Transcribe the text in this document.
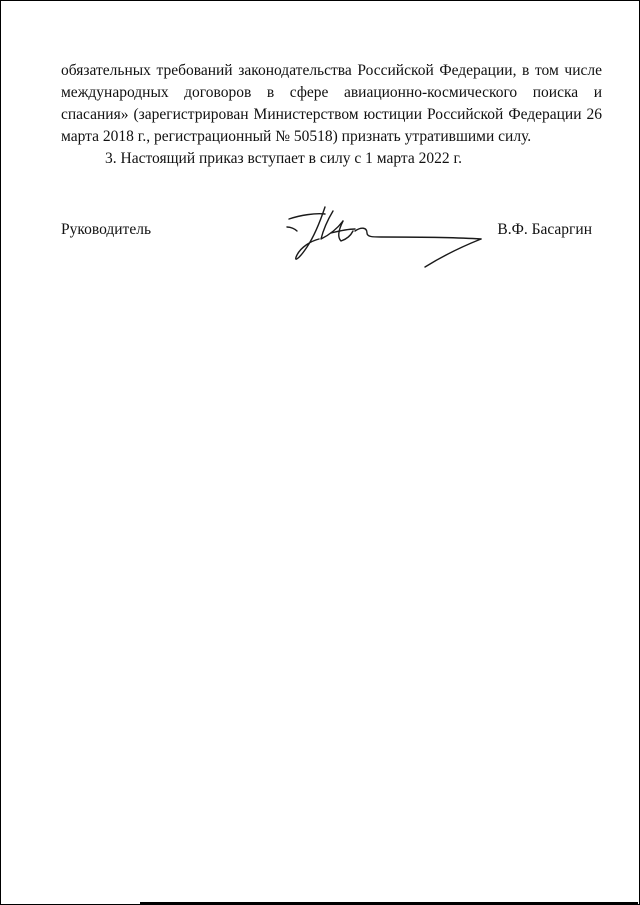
обязательных требований законодательства Российской Федерации, в том числе международных договоров в сфере авиационно-космического поиска и спасания» (зарегистрирован Министерством юстиции Российской Федерации 26 марта 2018 г., регистрационный № 50518) признать утратившими силу.

3. Настоящий приказ вступает в силу с 1 марта 2022 г.

Руководитель	В.Ф. Басаргин
